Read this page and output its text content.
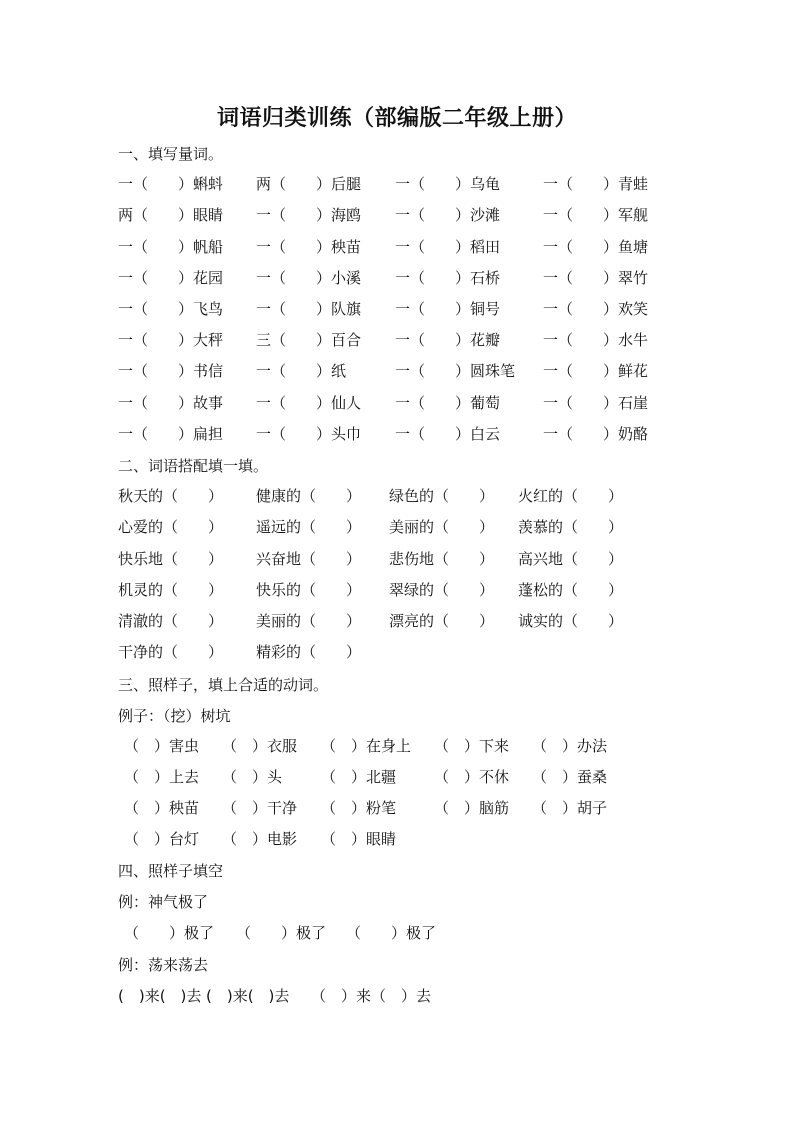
词语归类训练（部编版二年级上册）
一、填写量词。
一（　　）蝌蚪 两（　　）后腿 一（　　）乌龟	一（　　）青蛙
两（　　）眼睛 一（　　）海鸥 一（　　）沙滩	一（　　）军舰
一（　　）帆船 一（　　）秧苗 一（　　）稻田	一（　　）鱼塘
一（　　）花园 一（　　）小溪 一（　　）石桥	一（　　）翠竹
一（　　）飞鸟 一（　　）队旗 一（　　）铜号	一（　　）欢笑
一（　　）大秤 三（　　）百合 一（　　）花瓣	一（　　）水牛
一（　　）书信 一（　　）纸	一（　　）圆珠笔 一（　　）鲜花
一（　　）故事 一（　　）仙人 一（　　）葡萄	一（　　）石崖
一（　　）扁担 一（　　）头巾 一（　　）白云	一（　　）奶酪
二、词语搭配填一填。
秋天的（　　） 健康的（　　） 绿色的（　　） 火红的（　　）
心爱的（　　） 遥远的（　　） 美丽的（　　） 羡慕的（　　）
快乐地（　　） 兴奋地（　　） 悲伤地（　　） 高兴地（　　）
机灵的（　　） 快乐的（　　） 翠绿的（　　） 蓬松的（　　）
清澈的（　　） 美丽的（　　） 漂亮的（　　） 诚实的（　　）
干净的（　　） 精彩的（　　）
三、照样子，填上合适的动词。
例子：（挖）树坑
（　）害虫 （　）衣服 （　）在身上 （　）下来 （　）办法
（　）上去 （　）头	（　）北疆	（　）不休 （　）蚕桑
（　）秧苗 （　）干净 （　）粉笔	（　）脑筋 （　）胡子
（　）台灯 （　）电影 （　）眼睛
四、照样子填空
例：神气极了
（　　）极了 （　　）极了 （　　）极了
例：荡来荡去
(　)来(　)去 (　)来(　)去 （　）来（　）去
